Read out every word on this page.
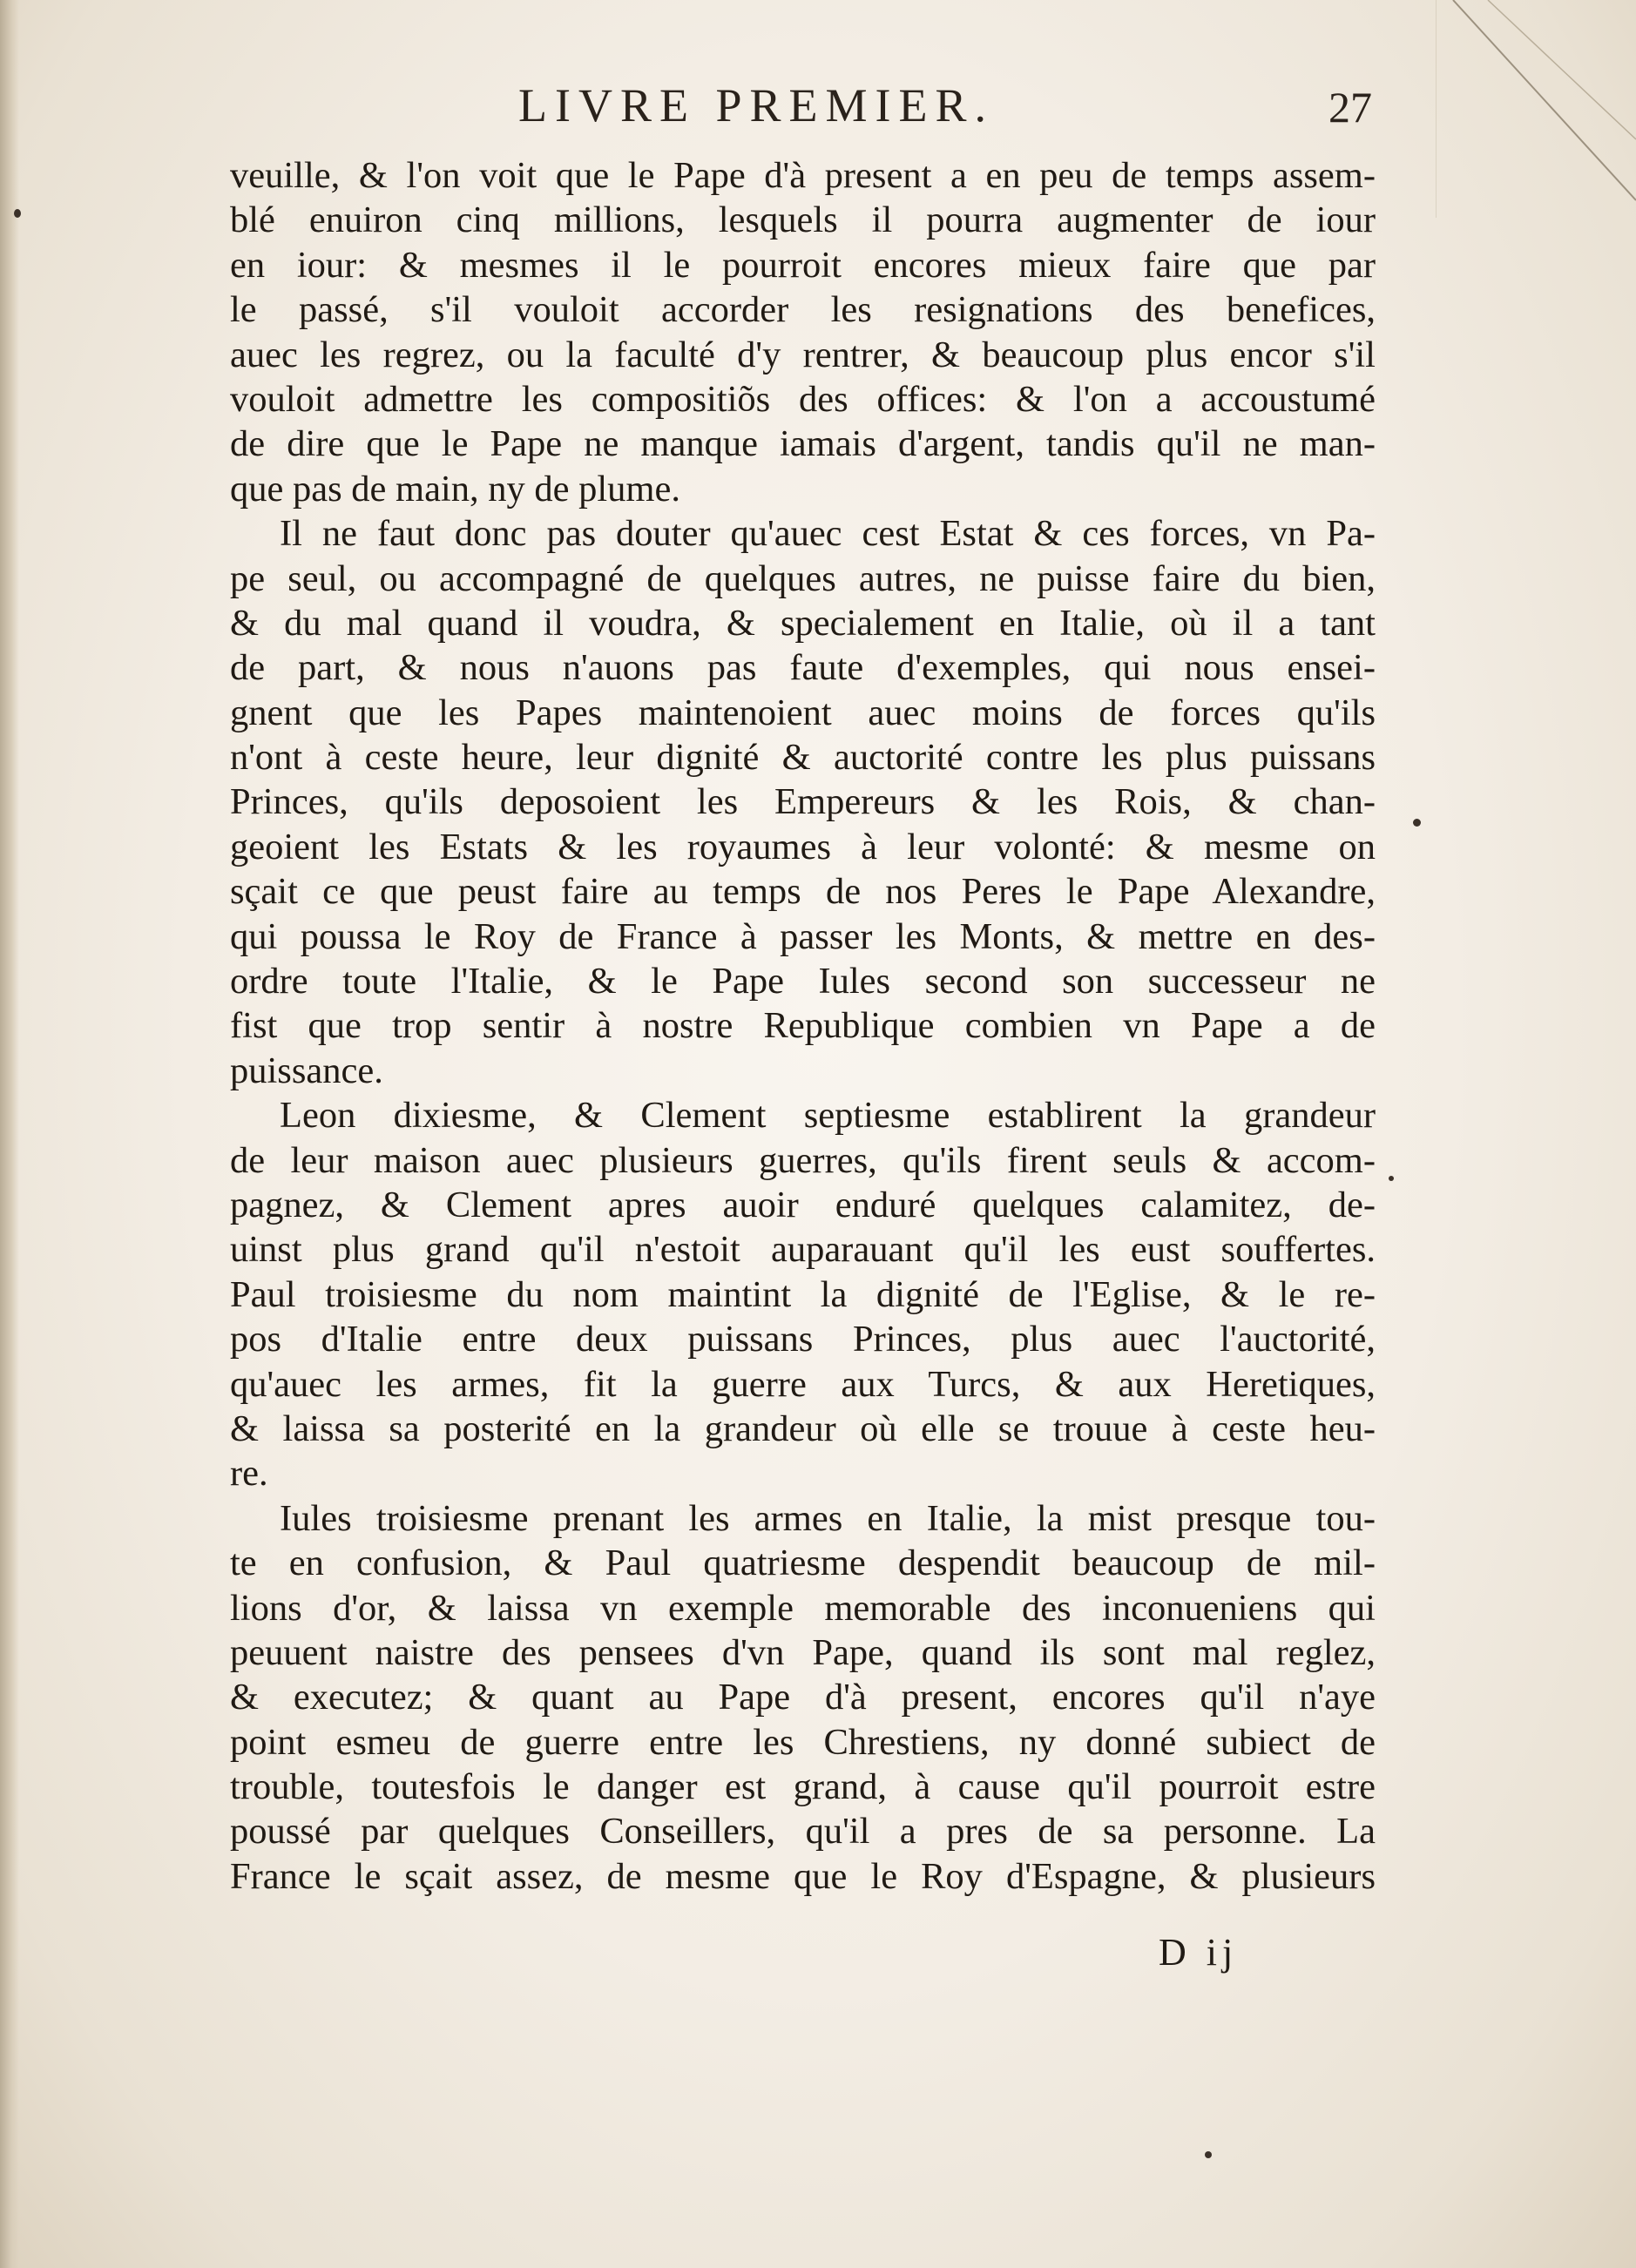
LIVRE PREMIER.	27
veuille, & l'on voit que le Pape d'à present a en peu de temps assem-
blé enuiron cinq millions, lesquels il pourra augmenter de iour
en iour: & mesmes il le pourroit encores mieux faire que par
le passé, s'il vouloit accorder les resignations des benefices,
auec les regrez, ou la faculté d'y rentrer, & beaucoup plus encor s'il
vouloit admettre les compositiõs des offices: & l'on a accoustumé
de dire que le Pape ne manque iamais d'argent, tandis qu'il ne man-
que pas de main, ny de plume.
Il ne faut donc pas douter qu'auec cest Estat & ces forces, vn Pa-
pe seul, ou accompagné de quelques autres, ne puisse faire du bien,
& du mal quand il voudra, & specialement en Italie, où il a tant
de part, & nous n'auons pas faute d'exemples, qui nous ensei-
gnent que les Papes maintenoient auec moins de forces qu'ils
n'ont à ceste heure, leur dignité & auctorité contre les plus puissans
Princes, qu'ils deposoient les Empereurs & les Rois, & chan-
geoient les Estats & les royaumes à leur volonté: & mesme on
sçait ce que peust faire au temps de nos Peres le Pape Alexandre,
qui poussa le Roy de France à passer les Monts, & mettre en des-
ordre toute l'Italie, & le Pape Iules second son successeur ne
fist que trop sentir à nostre Republique combien vn Pape a de
puissance.
Leon dixiesme, & Clement septiesme establirent la grandeur
de leur maison auec plusieurs guerres, qu'ils firent seuls & accom-
pagnez, & Clement apres auoir enduré quelques calamitez, de-
uinst plus grand qu'il n'estoit auparauant qu'il les eust souffertes.
Paul troisiesme du nom maintint la dignité de l'Eglise, & le re-
pos d'Italie entre deux puissans Princes, plus auec l'auctorité,
qu'auec les armes, fit la guerre aux Turcs, & aux Heretiques,
& laissa sa posterité en la grandeur où elle se trouue à ceste heu-
re.
Iules troisiesme prenant les armes en Italie, la mist presque tou-
te en confusion, & Paul quatriesme despendit beaucoup de mil-
lions d'or, & laissa vn exemple memorable des inconueniens qui
peuuent naistre des pensees d'vn Pape, quand ils sont mal reglez,
& executez; & quant au Pape d'à present, encores qu'il n'aye
point esmeu de guerre entre les Chrestiens, ny donné subiect de
trouble, toutesfois le danger est grand, à cause qu'il pourroit estre
poussé par quelques Conseillers, qu'il a pres de sa personne. La
France le sçait assez, de mesme que le Roy d'Espagne, & plusieurs
D ij
